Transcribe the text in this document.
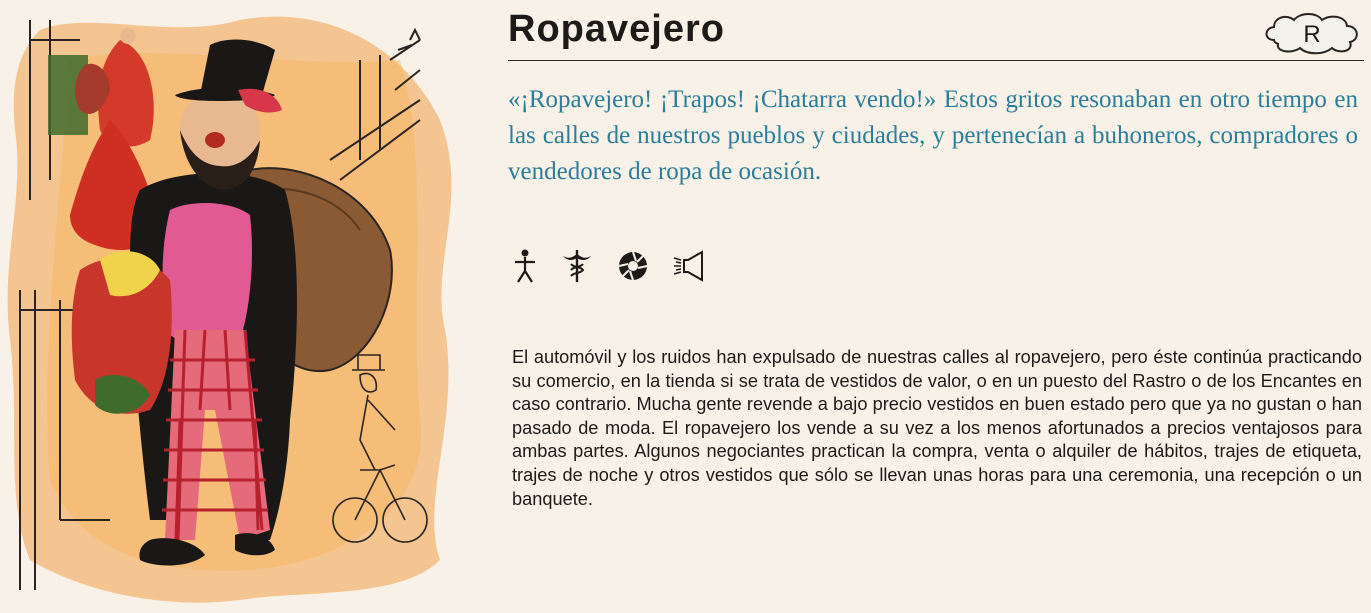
Ropavejero	R

«¡Ropavejero! ¡Trapos! ¡Chatarra vendo!» Estos gritos resonaban en otro tiempo en las calles de nuestros pueblos y ciudades, y pertenecían a buhoneros, compradores o vendedores de ropa de ocasión.

El automóvil y los ruidos han expulsado de nuestras calles al ropavejero, pero éste continúa practicando su comercio, en la tienda si se trata de vestidos de valor, o en un puesto del Rastro o de los Encantes en caso contrario. Mucha gente revende a bajo precio vestidos en buen estado pero que ya no gustan o han pasado de moda. El ropavejero los vende a su vez a los menos afortunados a precios ventajosos para ambas partes. Algunos negociantes practican la compra, venta o alquiler de hábitos, trajes de etiqueta, trajes de noche y otros vestidos que sólo se llevan unas horas para una ceremonia, una recepción o un banquete.
